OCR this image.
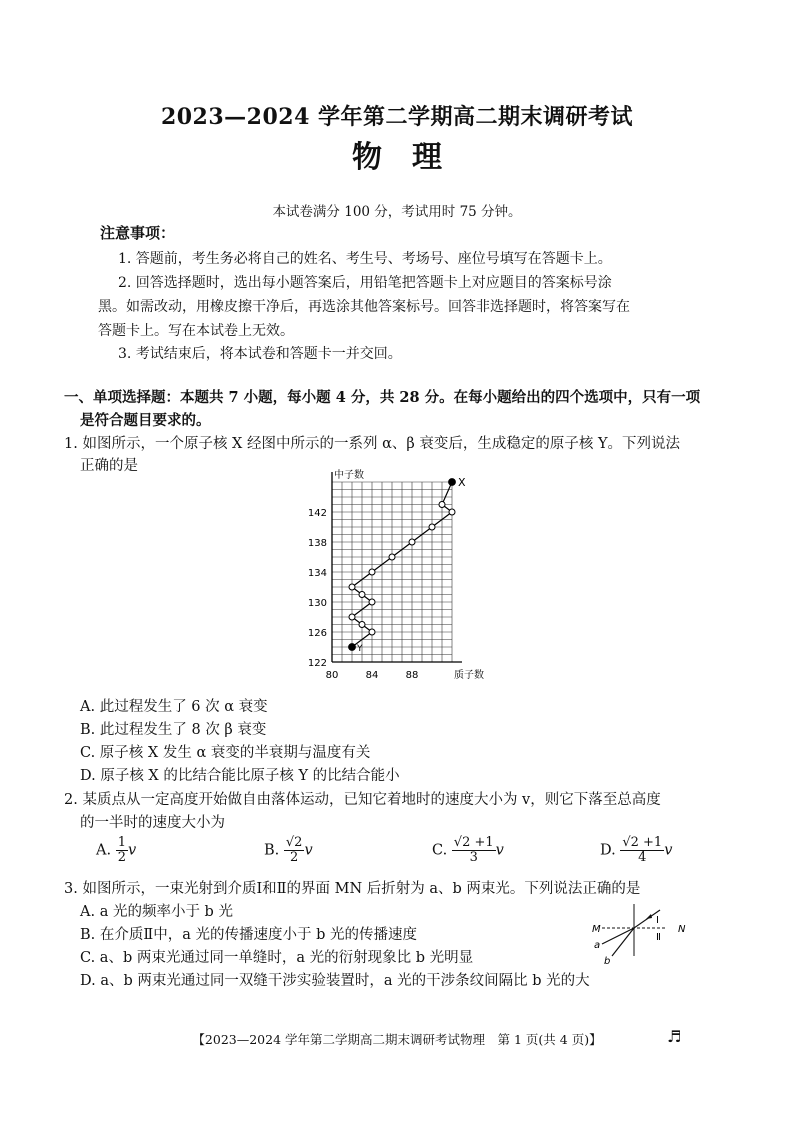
2023—2024 学年第二学期高二期末调研考试
物　理
本试卷满分 100 分，考试用时 75 分钟。
注意事项：
1. 答题前，考生务必将自己的姓名、考生号、考场号、座位号填写在答题卡上。
2. 回答选择题时，选出每小题答案后，用铅笔把答题卡上对应题目的答案标号涂
黑。如需改动，用橡皮擦干净后，再选涂其他答案标号。回答非选择题时，将答案写在
答题卡上。写在本试卷上无效。
3. 考试结束后，将本试卷和答题卡一并交回。
一、单项选择题：本题共 7 小题，每小题 4 分，共 28 分。在每小题给出的四个选项中，只有一项
是符合题目要求的。
1. 如图所示，一个原子核 X 经图中所示的一系列 α、β 衰变后，生成稳定的原子核 Y。下列说法
正确的是
80	84	88
122
126
130
134
138
142
质子数
中子数
X
Y
A. 此过程发生了 6 次 α 衰变
B. 此过程发生了 8 次 β 衰变
C. 原子核 X 发生 α 衰变的半衰期与温度有关
D. 原子核 X 的比结合能比原子核 Y 的比结合能小
2. 某质点从一定高度开始做自由落体运动，已知它着地时的速度大小为 v，则它下落至总高度
的一半时的速度大小为
A. $\frac{1}{2}$ v	B. $\frac{√2}{2}$ v	C. $\frac{√2 +1}{3}$ v	D. $\frac{√2 +1}{4}$ v
3. 如图所示，一束光射到介质Ⅰ和Ⅱ的界面 MN 后折射为 a、b 两束光。下列说法正确的是
A. a 光的频率小于 b 光
B. 在介质Ⅱ中，a 光的传播速度小于 b 光的传播速度
C. a、b 两束光通过同一单缝时，a 光的衍射现象比 b 光明显
D. a、b 两束光通过同一双缝干涉实验装置时，a 光的干涉条纹间隔比 b 光的大
M	N
Ⅰ
Ⅱ
a
b
【2023—2024 学年第二学期高二期末调研考试物理　第 1 页(共 4 页)】	♬
